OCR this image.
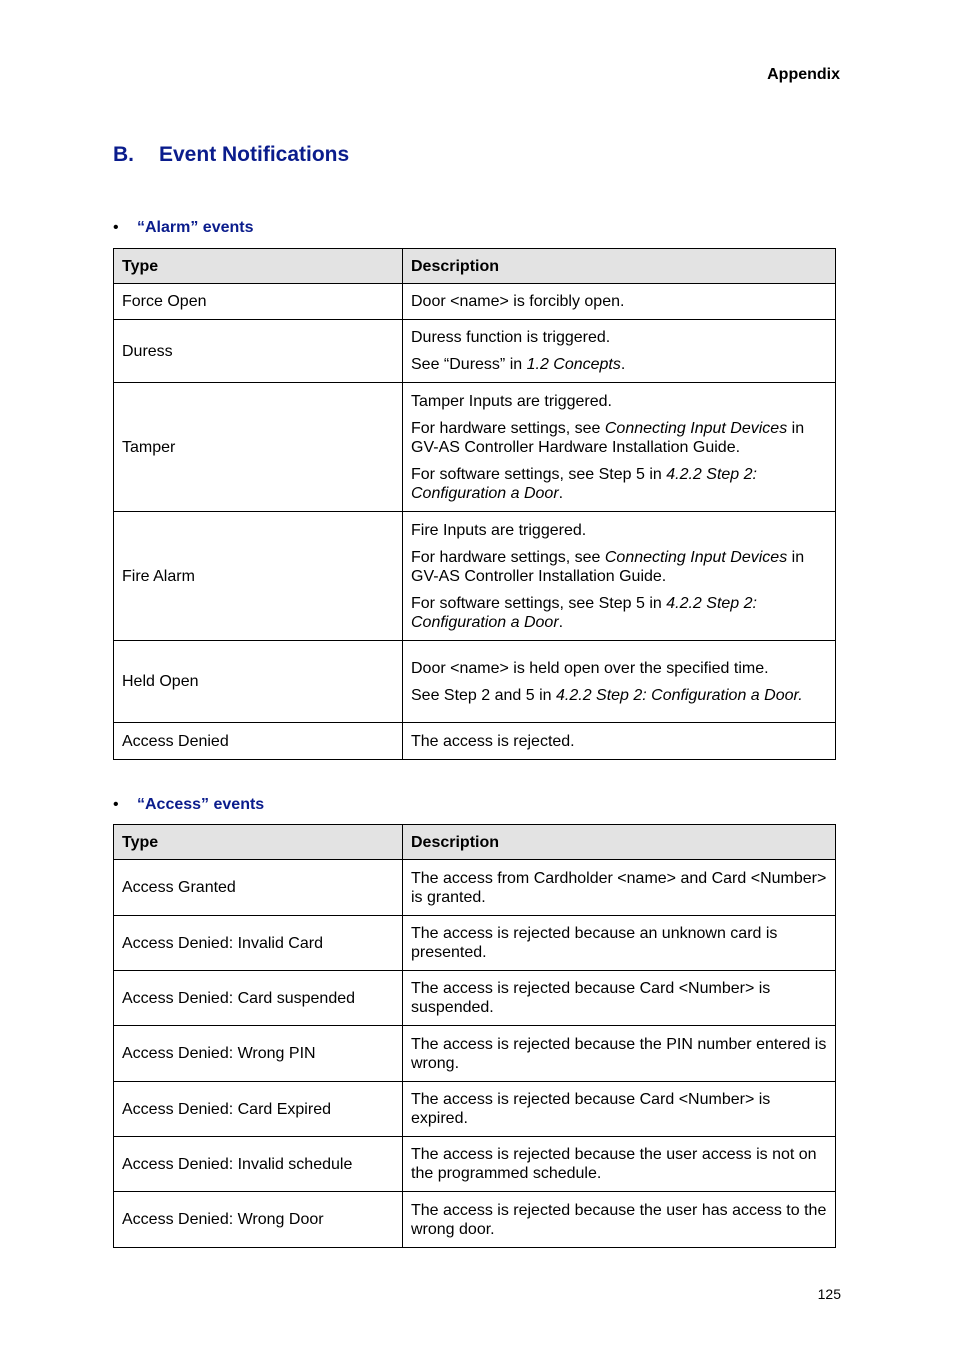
Appendix
B. Event Notifications
• “Alarm” events
Type	Description
Force Open	Door <name> is forcibly open.

Duress	Duress function is triggered.

See “Duress” in 1.2 Concepts.

Tamper	Tamper Inputs are triggered.

For hardware settings, see Connecting Input Devices in GV-AS Controller Hardware Installation Guide.

For software settings, see Step 5 in 4.2.2 Step 2: Configuration a Door.

Fire Alarm	Fire Inputs are triggered.

For hardware settings, see Connecting Input Devices in GV-AS Controller Installation Guide.

For software settings, see Step 5 in 4.2.2 Step 2: Configuration a Door.

Held Open	Door <name> is held open over the specified time.

See Step 2 and 5 in 4.2.2 Step 2: Configuration a Door.

Access Denied	The access is rejected.

• “Access” events
Type	Description
Access Granted	The access from Cardholder <name> and Card <Number> is granted.

Access Denied: Invalid Card	The access is rejected because an unknown card is presented.

Access Denied: Card suspended	The access is rejected because Card <Number> is suspended.

Access Denied: Wrong PIN	The access is rejected because the PIN number entered is wrong.

Access Denied: Card Expired	The access is rejected because Card <Number> is expired.

Access Denied: Invalid schedule	The access is rejected because the user access is not on the programmed schedule.

Access Denied: Wrong Door	The access is rejected because the user has access to the wrong door.

125
